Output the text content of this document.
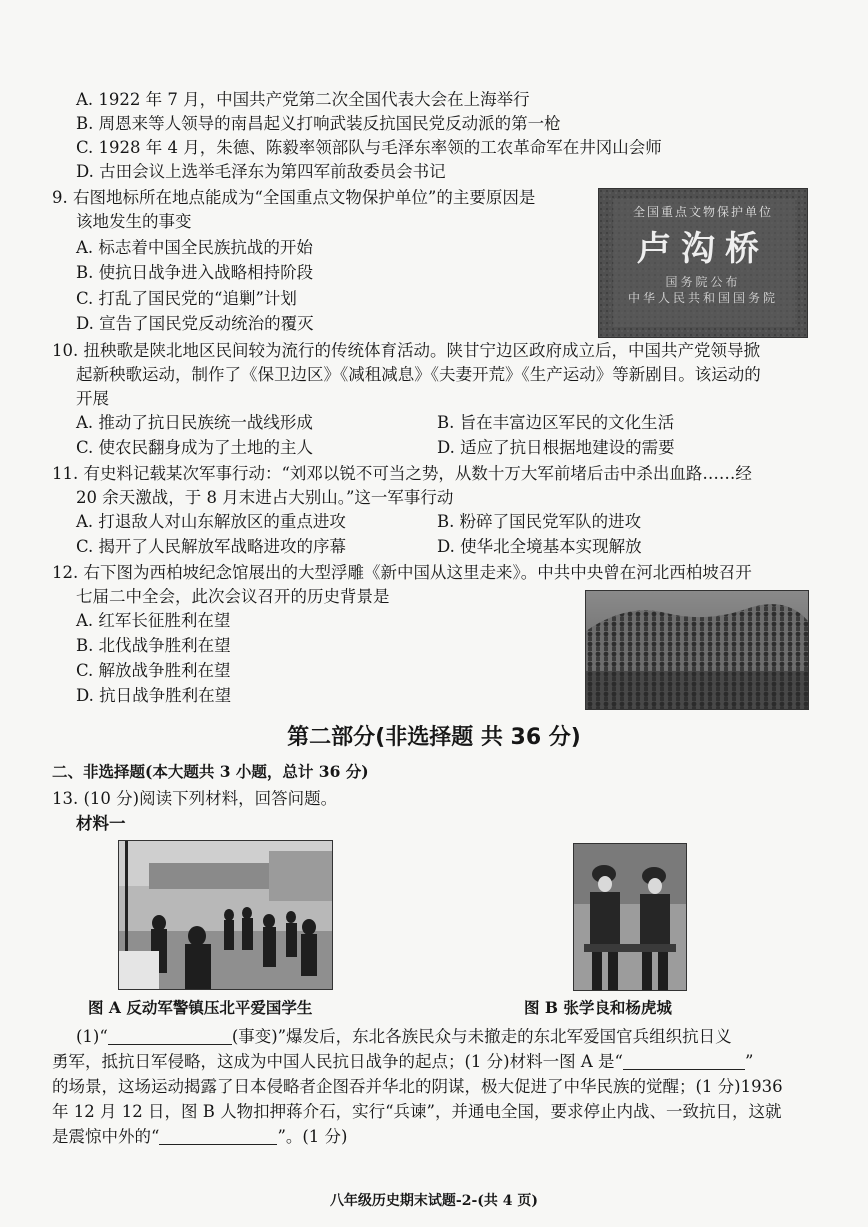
A. 1922 年 7 月，中国共产党第二次全国代表大会在上海举行
B. 周恩来等人领导的南昌起义打响武装反抗国民党反动派的第一枪
C. 1928 年 4 月，朱德、陈毅率领部队与毛泽东率领的工农革命军在井冈山会师
D. 古田会议上选举毛泽东为第四军前敌委员会书记
9. 右图地标所在地点能成为“全国重点文物保护单位”的主要原因是
该地发生的事变
A. 标志着中国全民族抗战的开始
B. 使抗日战争进入战略相持阶段
C. 打乱了国民党的“追剿”计划
D. 宣告了国民党反动统治的覆灭
全国重点文物保护单位
卢沟桥
国务院公布
中华人民共和国国务院
10. 扭秧歌是陕北地区民间较为流行的传统体育活动。陕甘宁边区政府成立后，中国共产党领导掀
起新秧歌运动，制作了《保卫边区》《减租减息》《夫妻开荒》《生产运动》等新剧目。该运动的
开展
A. 推动了抗日民族统一战线形成	B. 旨在丰富边区军民的文化生活
C. 使农民翻身成为了土地的主人	D. 适应了抗日根据地建设的需要
11. 有史料记载某次军事行动：“刘邓以锐不可当之势，从数十万大军前堵后击中杀出血路……经
20 余天激战，于 8 月末进占大别山。”这一军事行动
A. 打退敌人对山东解放区的重点进攻	B. 粉碎了国民党军队的进攻
C. 揭开了人民解放军战略进攻的序幕	D. 使华北全境基本实现解放
12. 右下图为西柏坡纪念馆展出的大型浮雕《新中国从这里走来》。中共中央曾在河北西柏坡召开
七届二中全会，此次会议召开的历史背景是
A. 红军长征胜利在望
B. 北伐战争胜利在望
C. 解放战争胜利在望
D. 抗日战争胜利在望
第二部分(非选择题 共 36 分)
二、非选择题(本大题共 3 小题，总计 36 分)
13. (10 分)阅读下列材料，回答问题。
材料一
图 A 反动军警镇压北平爱国学生	图 B 张学良和杨虎城
(1)“	(事变)”爆发后，东北各族民众与未撤走的东北军爱国官兵组织抗日义
勇军，抵抗日军侵略，这成为中国人民抗日战争的起点；(1 分)材料一图 A 是“	”
的场景，这场运动揭露了日本侵略者企图吞并华北的阴谋，极大促进了中华民族的觉醒；(1 分)1936
年 12 月 12 日，图 B 人物扣押蒋介石，实行“兵谏”，并通电全国，要求停止内战、一致抗日，这就
是震惊中外的“	”。(1 分)
八年级历史期末试题-2-(共 4 页)
